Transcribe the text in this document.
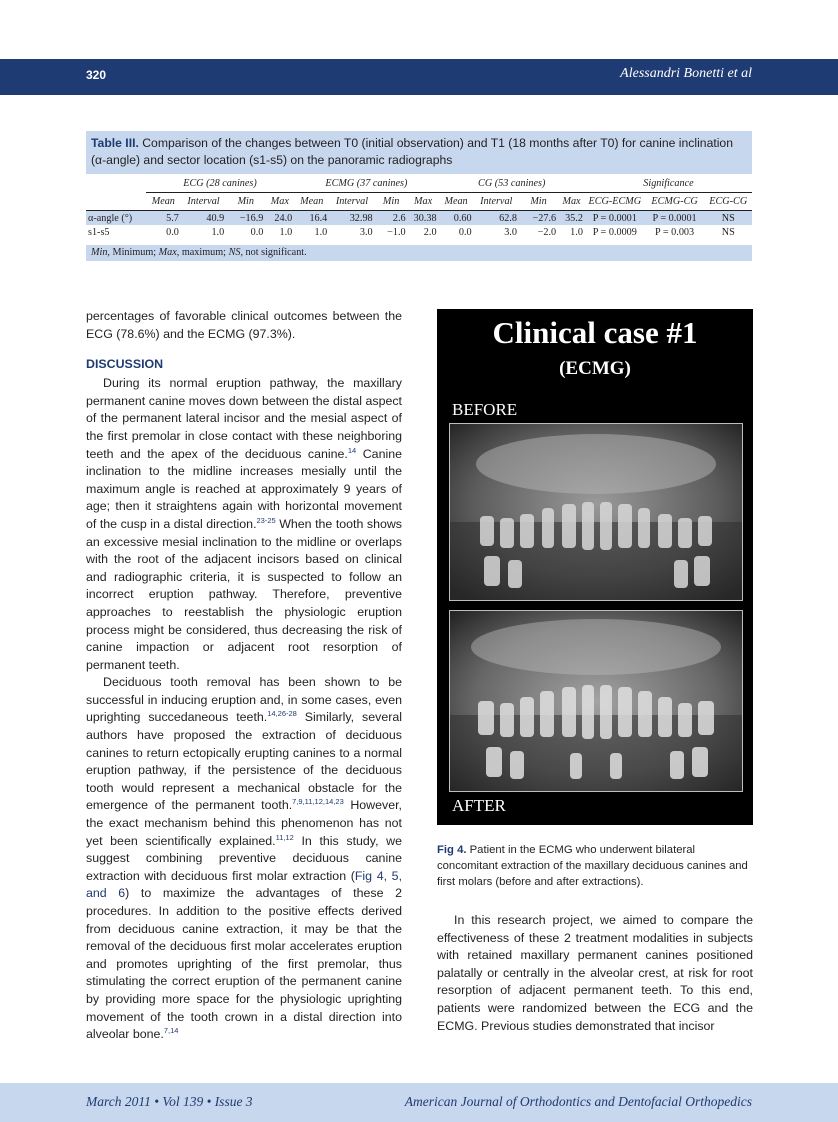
320	Alessandri Bonetti et al
Table III. Comparison of the changes between T0 (initial observation) and T1 (18 months after T0) for canine inclination (α-angle) and sector location (s1-s5) on the panoramic radiographs
	ECG (28 canines)				ECMG (37 canines)				CG (53 canines)				Significance		
	Mean	Interval	Min	Max	Mean	Interval	Min	Max	Mean	Interval	Min	Max	ECG-ECMG	ECMG-CG	ECG-CG
α-angle (°)	5.7	40.9	−16.9	24.0	16.4	32.98	2.6	30.38	0.60	62.8	−27.6	35.2	P = 0.0001	P = 0.0001	NS
s1-s5	0.0	1.0	0.0	1.0	1.0	3.0	−1.0	2.0	0.0	3.0	−2.0	1.0	P = 0.0009	P = 0.003	NS
Min, Minimum; Max, maximum; NS, not significant.

percentages of favorable clinical outcomes between the ECG (78.6%) and the ECMG (97.3%).

DISCUSSION

During its normal eruption pathway, the maxillary permanent canine moves down between the distal aspect of the permanent lateral incisor and the mesial aspect of the first premolar in close contact with these neighboring teeth and the apex of the deciduous canine.$^{14}$ Canine inclination to the midline increases mesially until the maximum angle is reached at approximately 9 years of age; then it straightens again with horizontal movement of the cusp in a distal direction.$^{23-25}$ When the tooth shows an excessive mesial inclination to the midline or overlaps with the root of the adjacent incisors based on clinical and radiographic criteria, it is suspected to follow an incorrect eruption pathway. Therefore, preventive approaches to reestablish the physiologic eruption process might be considered, thus decreasing the risk of canine impaction or adjacent root resorption of permanent teeth.

Deciduous tooth removal has been shown to be successful in inducing eruption and, in some cases, even uprighting succedaneous teeth.$^{14,26-28}$ Similarly, several authors have proposed the extraction of deciduous canines to return ectopically erupting canines to a normal eruption pathway, if the persistence of the deciduous tooth would represent a mechanical obstacle for the emergence of the permanent tooth.$^{7,9,11,12,14,23}$ However, the exact mechanism behind this phenomenon has not yet been scientifically explained.$^{11,12}$ In this study, we suggest combining preventive deciduous canine extraction with deciduous first molar extraction (Fig 4, 5, and 6) to maximize the advantages of these 2 procedures. In addition to the positive effects derived from deciduous canine extraction, it may be that the removal of the deciduous first molar accelerates eruption and promotes uprighting of the first premolar, thus stimulating the correct eruption of the permanent canine by providing more space for the physiologic uprighting movement of the tooth crown in a distal direction into alveolar bone.$^{7,14}$

Clinical case #1
(ECMG)
BEFORE
AFTER
Fig 4. Patient in the ECMG who underwent bilateral concomitant extraction of the maxillary deciduous canines and first molars (before and after extractions).

In this research project, we aimed to compare the effectiveness of these 2 treatment modalities in subjects with retained maxillary permanent canines positioned palatally or centrally in the alveolar crest, at risk for root resorption of adjacent permanent teeth. To this end, patients were randomized between the ECG and the ECMG. Previous studies demonstrated that incisor

March 2011 • Vol 139 • Issue 3	American Journal of Orthodontics and Dentofacial Orthopedics
